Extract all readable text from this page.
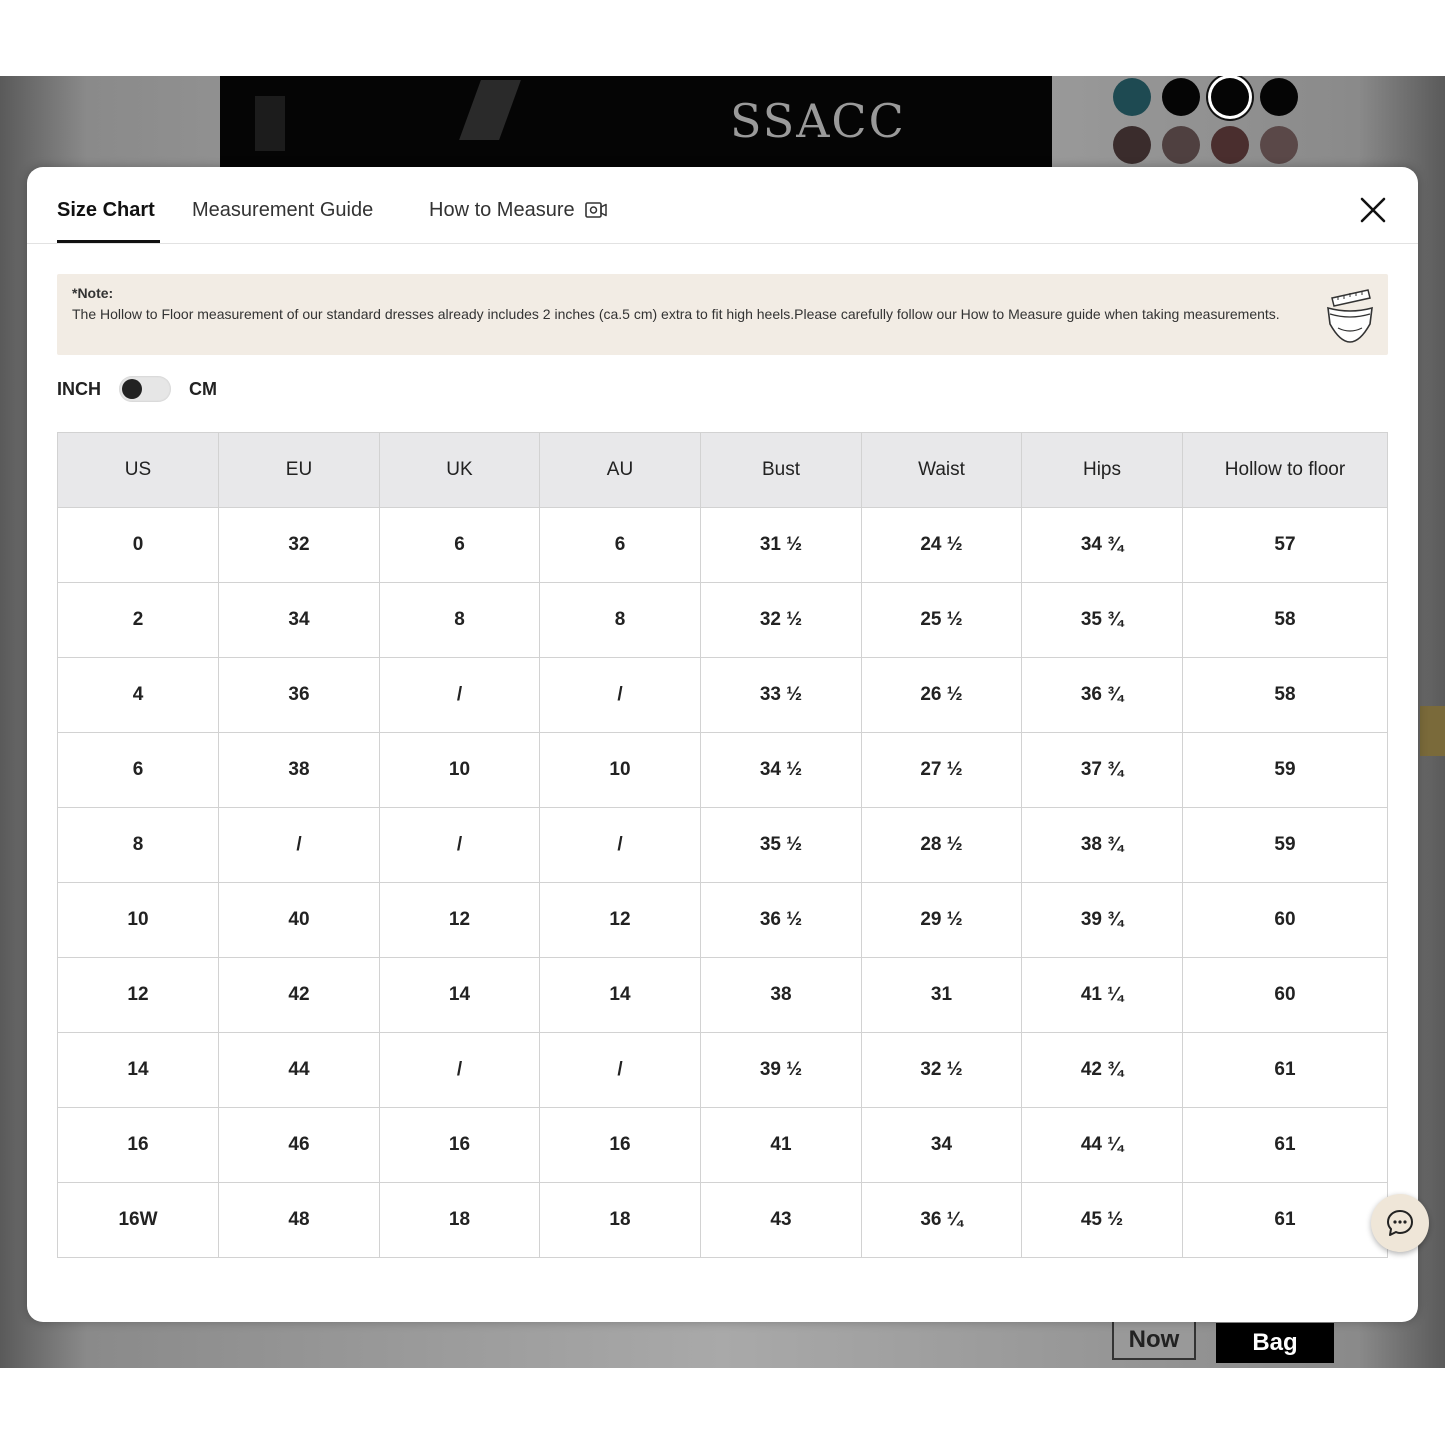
SSACC
Now	Bag
Size Chart Measurement Guide	How to Measure
*Note:
The Hollow to Floor measurement of our standard dresses already includes 2 inches (ca.5 cm) extra to fit high heels.Please carefully follow our How to Measure guide when taking measurements.
INCH	CM
US	EU	UK	AU	Bust	Waist	Hips	Hollow to floor
0	32	6	6	31 ½	24 ½	34 ¾	57
2	34	8	8	32 ½	25 ½	35 ¾	58
4	36	/	/	33 ½	26 ½	36 ¾	58
6	38	10	10	34 ½	27 ½	37 ¾	59
8	/	/	/	35 ½	28 ½	38 ¾	59
10	40	12	12	36 ½	29 ½	39 ¾	60
12	42	14	14	38	31	41 ¼	60
14	44	/	/	39 ½	32 ½	42 ¾	61
16	46	16	16	41	34	44 ¼	61
16W	48	18	18	43	36 ¼	45 ½	61
